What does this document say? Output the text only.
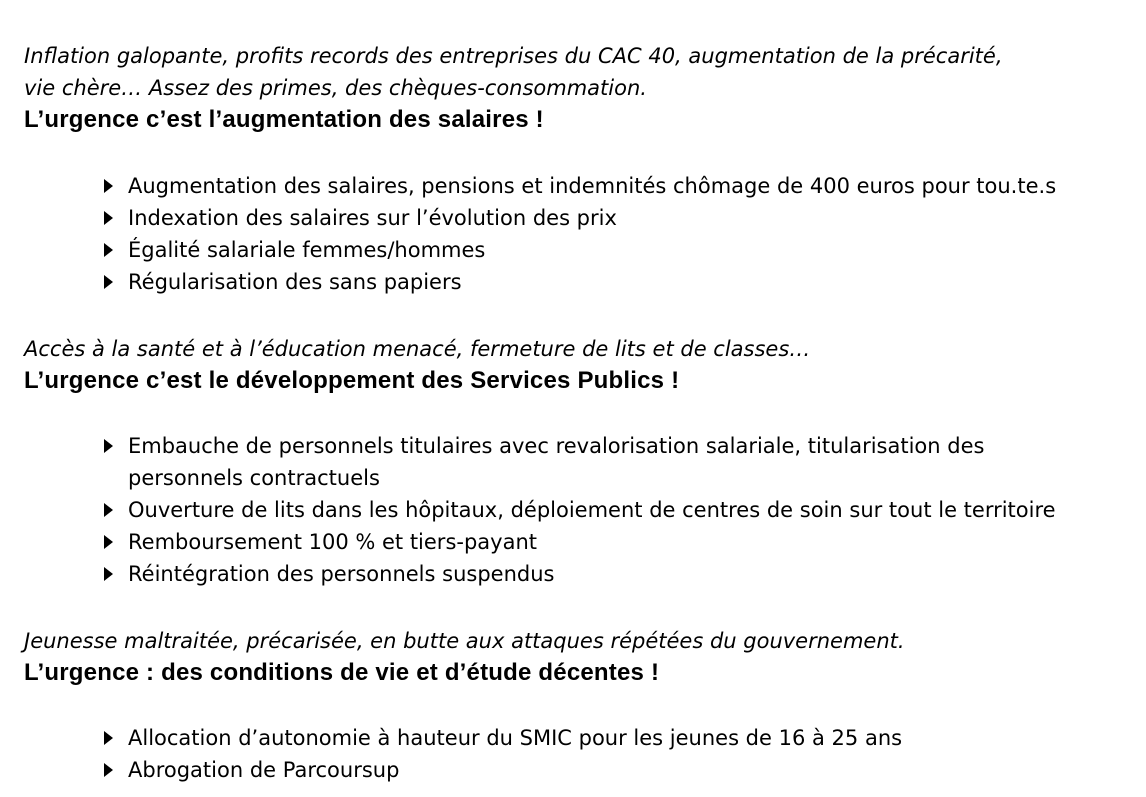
Inflation galopante, profits records des entreprises du CAC 40, augmentation de la précarité,
vie chère… Assez des primes, des chèques-consommation.

L’urgence c’est l’augmentation des salaires !

Augmentation des salaires, pensions et indemnités chômage de 400 euros pour tou.te.s
Indexation des salaires sur l’évolution des prix
Égalité salariale femmes/hommes
Régularisation des sans papiers

Accès à la santé et à l’éducation menacé, fermeture de lits et de classes…

L’urgence c’est le développement des Services Publics !

Embauche de personnels titulaires avec revalorisation salariale, titularisation des personnels contractuels
Ouverture de lits dans les hôpitaux, déploiement de centres de soin sur tout le territoire
Remboursement 100 % et tiers-payant
Réintégration des personnels suspendus

Jeunesse maltraitée, précarisée, en butte aux attaques répétées du gouvernement.

L’urgence : des conditions de vie et d’étude décentes !

Allocation d’autonomie à hauteur du SMIC pour les jeunes de 16 à 25 ans
Abrogation de Parcoursup
